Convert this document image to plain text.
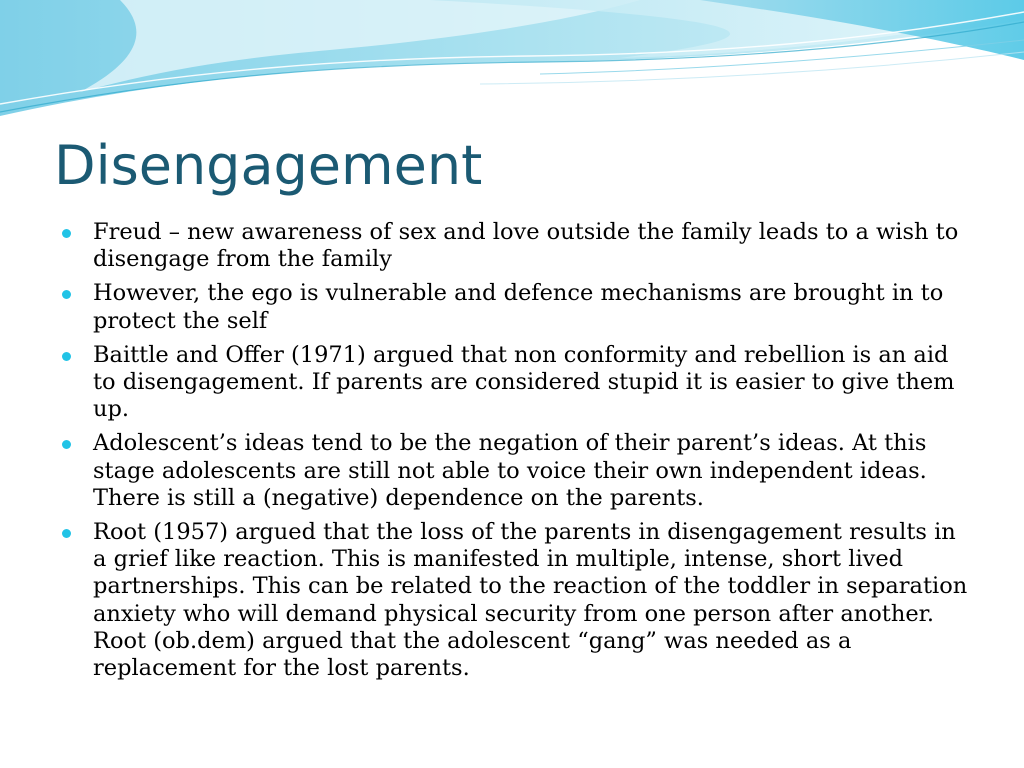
Disengagement
Freud – new awareness of sex and love outside the family leads to a wish to disengage from the family
However, the ego is vulnerable and defence mechanisms are brought in to protect the self
Baittle and Offer (1971) argued that non conformity and rebellion is an aid to disengagement. If parents are considered stupid it is easier to give them up.
Adolescent’s ideas tend to be the negation of their parent’s ideas. At this stage adolescents are still not able to voice their own independent ideas. There is still a (negative) dependence on the parents.
Root (1957) argued that the loss of the parents in disengagement results in a grief like reaction. This is manifested in multiple, intense, short lived partnerships. This can be related to the reaction of the toddler in separation anxiety who will demand physical security from one person after another. Root (ob.dem) argued that the adolescent “gang” was needed as a replacement for the lost parents.
